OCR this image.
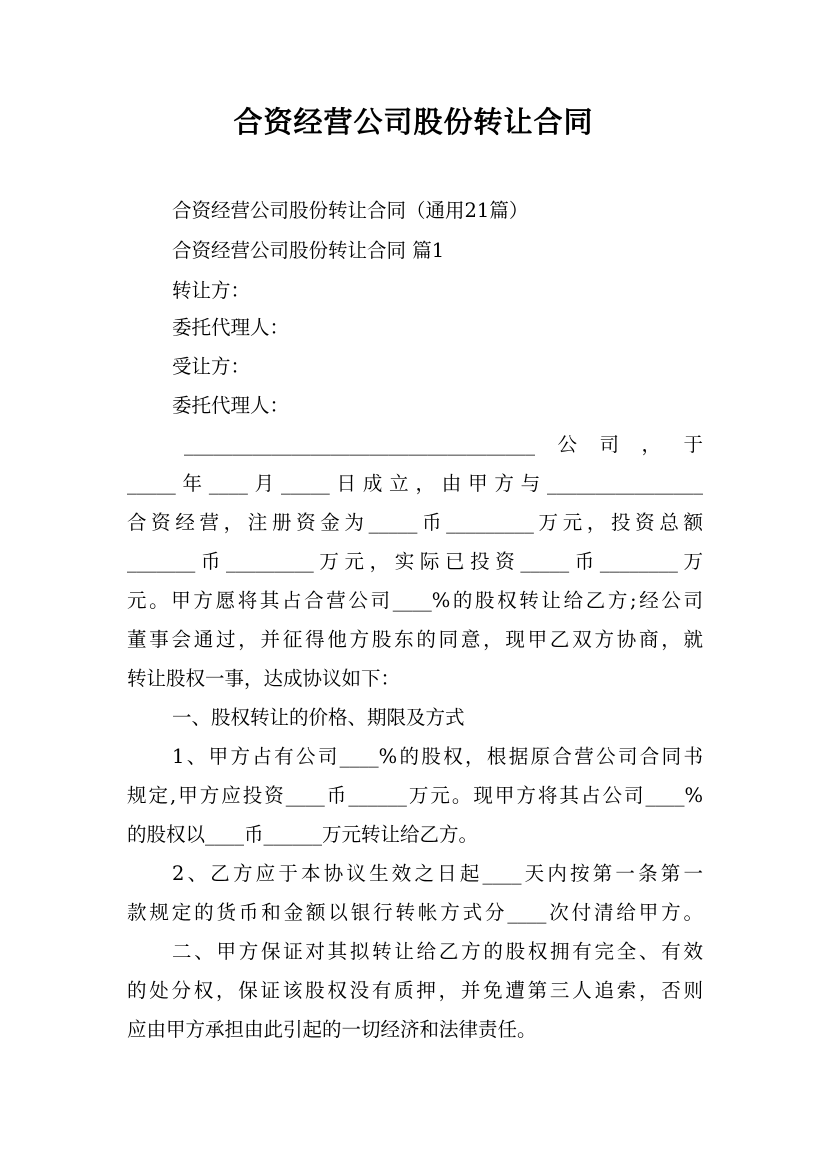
合资经营公司股份转让合同
合资经营公司股份转让合同（通用21篇）
合资经营公司股份转让合同 篇1
转让方：
委托代理人：
受让方：
委托代理人：
____________________________________公司，于
_____年____月_____日成立，由甲方与________________
合资经营，注册资金为_____币_________万元，投资总额
_______币_________万元，实际已投资_____币________万
元。甲方愿将其占合营公司____%的股权转让给乙方;经公司
董事会通过，并征得他方股东的同意，现甲乙双方协商，就
转让股权一事，达成协议如下：
一、股权转让的价格、期限及方式
1、甲方占有公司____%的股权，根据原合营公司合同书
规定,甲方应投资____币______万元。现甲方将其占公司____%
的股权以____币______万元转让给乙方。
2、乙方应于本协议生效之日起____天内按第一条第一
款规定的货币和金额以银行转帐方式分____次付清给甲方。
二、甲方保证对其拟转让给乙方的股权拥有完全、有效
的处分权，保证该股权没有质押，并免遭第三人追索，否则
应由甲方承担由此引起的一切经济和法律责任。
